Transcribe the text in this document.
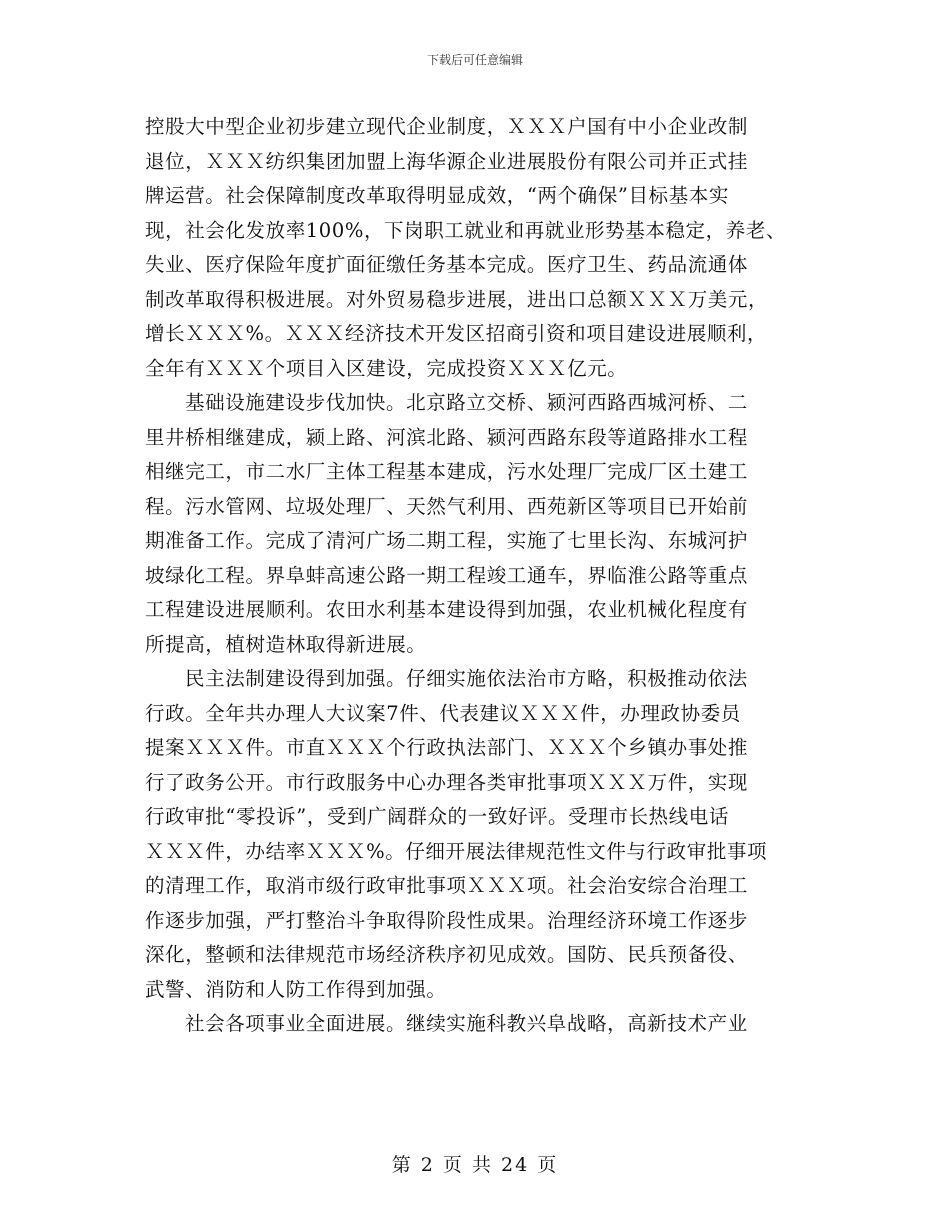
下载后可任意编辑
控股大中型企业初步建立现代企业制度，ＸＸＸ户国有中小企业改制
退位，ＸＸＸ纺织集团加盟上海华源企业进展股份有限公司并正式挂
牌运营。社会保障制度改革取得明显成效，“两个确保”目标基本实
现，社会化发放率100%，下岗职工就业和再就业形势基本稳定，养老、
失业、医疗保险年度扩面征缴任务基本完成。医疗卫生、药品流通体
制改革取得积极进展。对外贸易稳步进展，进出口总额ＸＸＸ万美元，
增长ＸＸＸ%。ＸＸＸ经济技术开发区招商引资和项目建设进展顺利，
全年有ＸＸＸ个项目入区建设，完成投资ＸＸＸ亿元。
基础设施建设步伐加快。北京路立交桥、颍河西路西城河桥、二
里井桥相继建成，颍上路、河滨北路、颍河西路东段等道路排水工程
相继完工，市二水厂主体工程基本建成，污水处理厂完成厂区土建工
程。污水管网、垃圾处理厂、天然气利用、西苑新区等项目已开始前
期准备工作。完成了清河广场二期工程，实施了七里长沟、东城河护
坡绿化工程。界阜蚌高速公路一期工程竣工通车，界临淮公路等重点
工程建设进展顺利。农田水利基本建设得到加强，农业机械化程度有
所提高，植树造林取得新进展。
民主法制建设得到加强。仔细实施依法治市方略，积极推动依法
行政。全年共办理人大议案7件、代表建议ＸＸＸ件，办理政协委员
提案ＸＸＸ件。市直ＸＸＸ个行政执法部门、ＸＸＸ个乡镇办事处推
行了政务公开。市行政服务中心办理各类审批事项ＸＸＸ万件，实现
行政审批“零投诉”，受到广阔群众的一致好评。受理市长热线电话
ＸＸＸ件，办结率ＸＸＸ%。仔细开展法律规范性文件与行政审批事项
的清理工作，取消市级行政审批事项ＸＸＸ项。社会治安综合治理工
作逐步加强，严打整治斗争取得阶段性成果。治理经济环境工作逐步
深化，整顿和法律规范市场经济秩序初见成效。国防、民兵预备役、
武警、消防和人防工作得到加强。
社会各项事业全面进展。继续实施科教兴阜战略，高新技术产业
第 2 页 共 24 页
